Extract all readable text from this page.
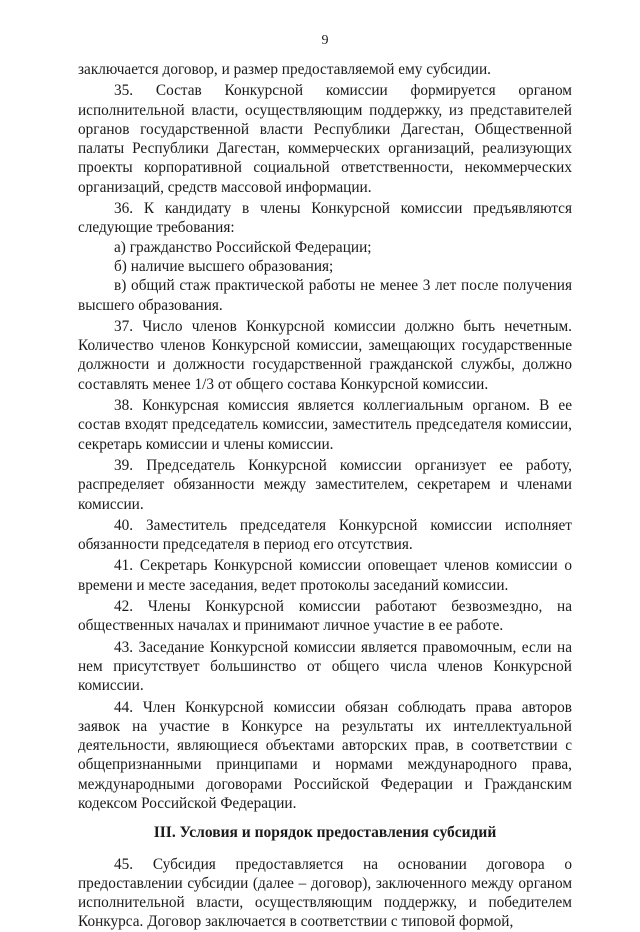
9

заключается договор, и размер предоставляемой ему субсидии.

35. Состав Конкурсной комиссии формируется органом исполнительной власти, осуществляющим поддержку, из представителей органов государственной власти Республики Дагестан, Общественной палаты Республики Дагестан, коммерческих организаций, реализующих проекты корпоративной социальной ответственности, некоммерческих организаций, средств массовой информации.

36. К кандидату в члены Конкурсной комиссии предъявляются следующие требования:

а) гражданство Российской Федерации;

б) наличие высшего образования;

в) общий стаж практической работы не менее 3 лет после получения высшего образования.

37. Число членов Конкурсной комиссии должно быть нечетным. Количество членов Конкурсной комиссии, замещающих государственные должности и должности государственной гражданской службы, должно составлять менее 1/3 от общего состава Конкурсной комиссии.

38. Конкурсная комиссия является коллегиальным органом. В ее состав входят председатель комиссии, заместитель председателя комиссии, секретарь комиссии и члены комиссии.

39. Председатель Конкурсной комиссии организует ее работу, распределяет обязанности между заместителем, секретарем и членами комиссии.

40. Заместитель председателя Конкурсной комиссии исполняет обязанности председателя в период его отсутствия.

41. Секретарь Конкурсной комиссии оповещает членов комиссии о времени и месте заседания, ведет протоколы заседаний комиссии.

42. Члены Конкурсной комиссии работают безвозмездно, на общественных началах и принимают личное участие в ее работе.

43. Заседание Конкурсной комиссии является правомочным, если на нем присутствует большинство от общего числа членов Конкурсной комиссии.

44. Член Конкурсной комиссии обязан соблюдать права авторов заявок на участие в Конкурсе на результаты их интеллектуальной деятельности, являющиеся объектами авторских прав, в соответствии с общепризнанными принципами и нормами международного права, международными договорами Российской Федерации и Гражданским кодексом Российской Федерации.

III. Условия и порядок предоставления субсидий

45. Субсидия предоставляется на основании договора о предоставлении субсидии (далее – договор), заключенного между органом исполнительной власти, осуществляющим поддержку, и победителем Конкурса. Договор заключается в соответствии с типовой формой,
